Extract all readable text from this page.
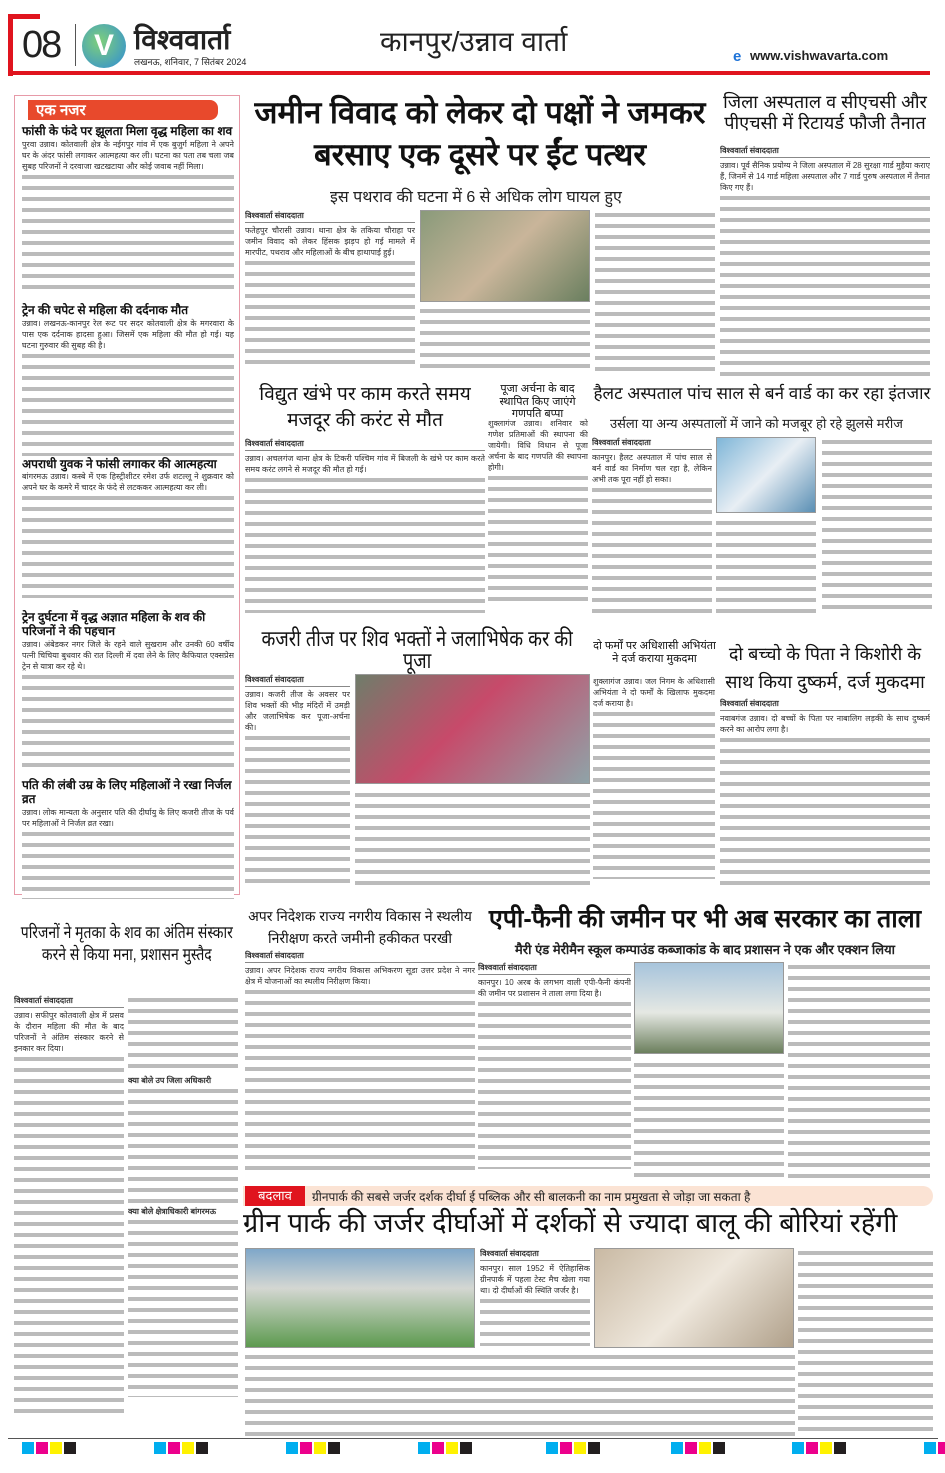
08	V विश्ववार्ता
लखनऊ, शनिवार, 7 सितंबर 2024
कानपुर/उन्नाव वार्ता	e www.vishwavarta.com
एक नजर
फांसी के फंदे पर झूलता मिला वृद्ध महिला का शव
पुरवा उन्नाव। कोतवाली क्षेत्र के नईगपुर गांव में एक बुजुर्ग महिला ने अपने घर के अंदर फांसी लगाकर आत्महत्या कर ली। घटना का पता तब चला जब सुबह परिजनों ने दरवाजा खटखटाया और कोई जवाब नहीं मिला।
ट्रेन की चपेट से महिला की दर्दनाक मौत
उन्नाव। लखनऊ-कानपुर रेल रूट पर सदर कोतवाली क्षेत्र के मगरवारा के पास एक दर्दनाक हादसा हुआ। जिसमें एक महिला की मौत हो गई। यह घटना गुरुवार की सुबह की है।
अपराधी युवक ने फांसी लगाकर की आत्महत्या
बांगरमऊ उन्नाव। कस्बे में एक हिस्ट्रीशीटर रमेश उर्फ शटल्लू ने शुक्रवार को अपने घर के कमरे में चादर के फंदे से लटककर आत्महत्या कर ली।
ट्रेन दुर्घटना में वृद्ध अज्ञात महिला के शव की परिजनों ने की पहचान
उन्नाव। अंबेडकर नगर जिले के रहने वाले सुखराम और उनकी 60 वर्षीय पत्नी चिचिया बुधवार की रात दिल्ली में दवा लेने के लिए कैफियात एक्सप्रेस ट्रेन से यात्रा कर रहे थे।
पति की लंबी उम्र के लिए महिलाओं ने रखा निर्जल व्रत
उन्नाव। लोक मान्यता के अनुसार पति की दीर्घायु के लिए कजरी तीज के पर्व पर महिलाओं ने निर्जल व्रत रखा।
जमीन विवाद को लेकर दो पक्षों ने जमकर बरसाए एक दूसरे पर ईंट पत्थर
इस पथराव की घटना में 6 से अधिक लोग घायल हुए
विश्ववार्ता संवाददाता
फतेहपुर चौरासी उन्नाव। थाना क्षेत्र के तकिया चौराहा पर जमीन विवाद को लेकर हिंसक झड़प हो गई मामले में मारपीट, पथराव और महिलाओं के बीच हाथापाई हुई।
जिला अस्पताल व सीएचसी और पीएचसी में रिटायर्ड फौजी तैनात
विश्ववार्ता संवाददाता
उन्नाव। पूर्व सैनिक प्रयोग्य ने जिला अस्पताल में 28 सुरक्षा गार्ड मुहैया कराए हैं, जिनमें से 14 गार्ड महिला अस्पताल और 7 गार्ड पुरुष अस्पताल में तैनात किए गए हैं।
विद्युत खंभे पर काम करते समय मजदूर की करंट से मौत
विश्ववार्ता संवाददाता
उन्नाव। अचलगंज थाना क्षेत्र के टिकरी पश्चिम गांव में बिजली के खंभे पर काम करते समय करंट लगने से मजदूर की मौत हो गई।
पूजा अर्चना के बाद स्थापित किए जाएंगे गणपति बप्पा
शुक्लागंज उन्नाव। शनिवार को गणेश प्रतिमाओं की स्थापना की जायेगी। विधि विधान से पूजा अर्चना के बाद गणपति की स्थापना होगी।
हैलट अस्पताल पांच साल से बर्न वार्ड का कर रहा इंतजार
उर्सला या अन्य अस्पतालों में जाने को मजबूर हो रहे झुलसे मरीज
विश्ववार्ता संवाददाता
कानपुर। हैलट अस्पताल में पांच साल से बर्न वार्ड का निर्माण चल रहा है, लेकिन अभी तक पूरा नहीं हो सका।
कजरी तीज पर शिव भक्तों ने जलाभिषेक कर की पूजा
विश्ववार्ता संवाददाता
उन्नाव। कजरी तीज के अवसर पर शिव भक्तों की भीड़ मंदिरों में उमड़ी और जलाभिषेक कर पूजा-अर्चना की।
दो फर्मों पर अधिशासी अभियंता ने दर्ज कराया मुकदमा
शुक्लागंज उन्नाव। जल निगम के अधिशासी अभियंता ने दो फर्मों के खिलाफ मुकदमा दर्ज कराया है।
दो बच्चो के पिता ने किशोरी के साथ किया दुष्कर्म, दर्ज मुकदमा
विश्ववार्ता संवाददाता
नवाबगंज उन्नाव। दो बच्चों के पिता पर नाबालिग लड़की के साथ दुष्कर्म करने का आरोप लगा है।
परिजनों ने मृतका के शव का अंतिम संस्कार करने से किया मना, प्रशासन मुस्तैद
विश्ववार्ता संवाददाता
उन्नाव। सफीपुर कोतवाली क्षेत्र में प्रसव के दौरान महिला की मौत के बाद परिजनों ने अंतिम संस्कार करने से इनकार कर दिया।
क्या बोले उप जिला अधिकारी
क्या बोले क्षेत्राधिकारी बांगरमऊ
अपर निदेशक राज्य नगरीय विकास ने स्थलीय निरीक्षण करते जमीनी हकीकत परखी
विश्ववार्ता संवाददाता
उन्नाव। अपर निदेशक राज्य नगरीय विकास अभिकरण सूडा उत्तर प्रदेश ने नगर क्षेत्र में योजनाओं का स्थलीय निरीक्षण किया।
एपी-फैनी की जमीन पर भी अब सरकार का ताला
मैरी एंड मेरीमैन स्कूल कम्पाउंड कब्जाकांड के बाद प्रशासन ने एक और एक्शन लिया
विश्ववार्ता संवाददाता
कानपुर। 10 अरब के लगभग वाली एपी-फैनी कंपनी की जमीन पर प्रशासन ने ताला लगा दिया है।
बदलाव	ग्रीनपार्क की सबसे जर्जर दर्शक दीर्घा ई पब्लिक और सी बालकनी का नाम प्रमुखता से जोड़ा जा सकता है
ग्रीन पार्क की जर्जर दीर्घाओं में दर्शकों से ज्यादा बालू की बोरियां रहेंगी
विश्ववार्ता संवाददाता
कानपुर। साल 1952 में ऐतिहासिक ग्रीनपार्क में पहला टेस्ट मैच खेला गया था। दो दीर्घाओं की स्थिति जर्जर है।
